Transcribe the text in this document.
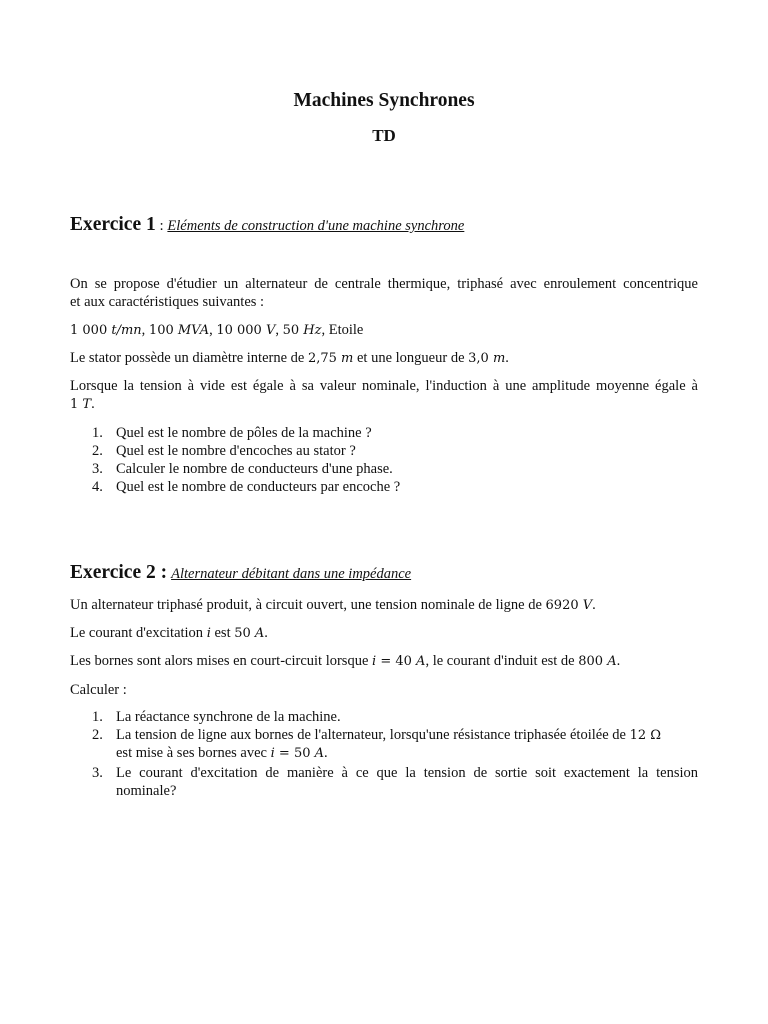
Machines Synchrones
TD
Exercice 1 : Eléments de construction d'une machine synchrone
On se propose d'étudier un alternateur de centrale thermique, triphasé avec enroulement concentrique
et aux caractéristiques suivantes :
1 000 t/mn, 100 MVA, 10 000 V, 50 Hz, Etoile
Le stator possède un diamètre interne de 2,75 m et une longueur de 3,0 m.
Lorsque la tension à vide est égale à sa valeur nominale, l'induction à une amplitude moyenne égale à
1 T.
1. Quel est le nombre de pôles de la machine ?
2. Quel est le nombre d'encoches au stator ?
3. Calculer le nombre de conducteurs d'une phase.
4. Quel est le nombre de conducteurs par encoche ?
Exercice 2 : Alternateur débitant dans une impédance
Un alternateur triphasé produit, à circuit ouvert, une tension nominale de ligne de 6920 V.
Le courant d'excitation i est 50 A.
Les bornes sont alors mises en court-circuit lorsque i = 40 A, le courant d'induit est de 800 A.
Calculer :
1. La réactance synchrone de la machine.
2. La tension de ligne aux bornes de l'alternateur, lorsqu'une résistance triphasée étoilée de 12 Ω
est mise à ses bornes avec i = 50 A.
3. Le courant d'excitation de manière à ce que la tension de sortie soit exactement la tension
nominale?
